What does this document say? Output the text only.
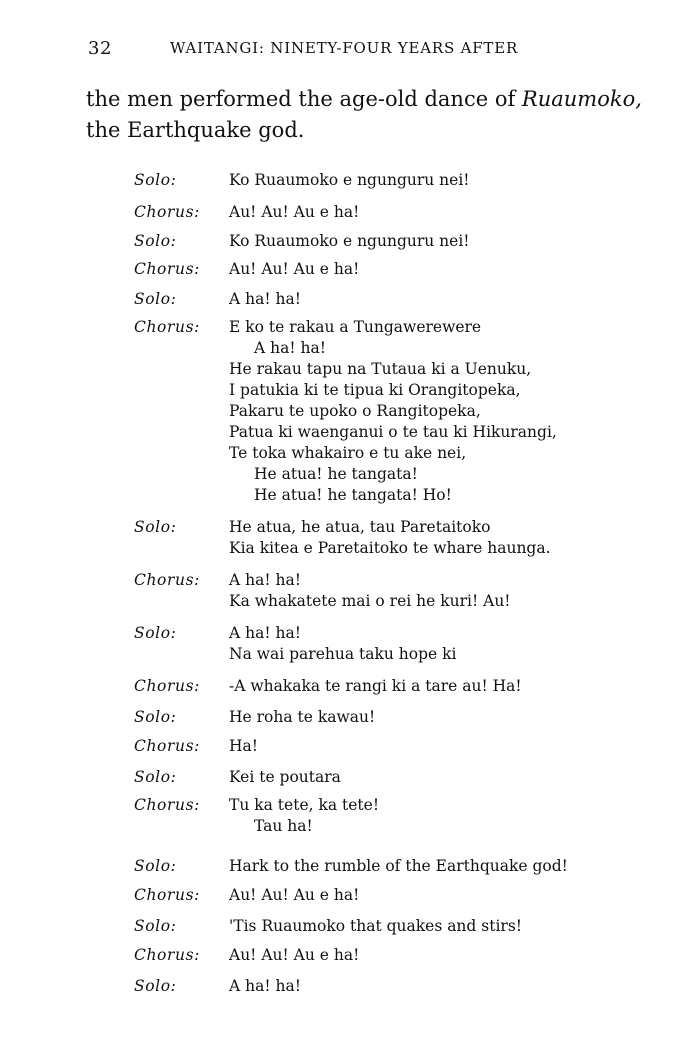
32	WAITANGI: NINETY-FOUR YEARS AFTER
the men performed the age-old dance of Ruaumoko,
the Earthquake god.
Solo:	Ko Ruaumoko e ngunguru nei!
Chorus:	Au! Au! Au e ha!
Solo:	Ko Ruaumoko e ngunguru nei!
Chorus:	Au! Au! Au e ha!
Solo:	A ha! ha!
Chorus:	E ko te rakau a Tungawerewere
A ha! ha!
He rakau tapu na Tutaua ki a Uenuku,
I patukia ki te tipua ki Orangitopeka,
Pakaru te upoko o Rangitopeka,
Patua ki waenganui o te tau ki Hikurangi,
Te toka whakairo e tu ake nei,
He atua! he tangata!
He atua! he tangata! Ho!
Solo:	He atua, he atua, tau Paretaitoko
Kia kitea e Paretaitoko te whare haunga.
Chorus:	A ha! ha!
Ka whakatete mai o rei he kuri! Au!
Solo:	A ha! ha!
Na wai parehua taku hope ki
Chorus:	-A whakaka te rangi ki a tare au! Ha!
Solo:	He roha te kawau!
Chorus:	Ha!
Solo:	Kei te poutara
Chorus:	Tu ka tete, ka tete!
Tau ha!
Solo:	Hark to the rumble of the Earthquake god!
Chorus:	Au! Au! Au e ha!
Solo:	'Tis Ruaumoko that quakes and stirs!
Chorus:	Au! Au! Au e ha!
Solo:	A ha! ha!
